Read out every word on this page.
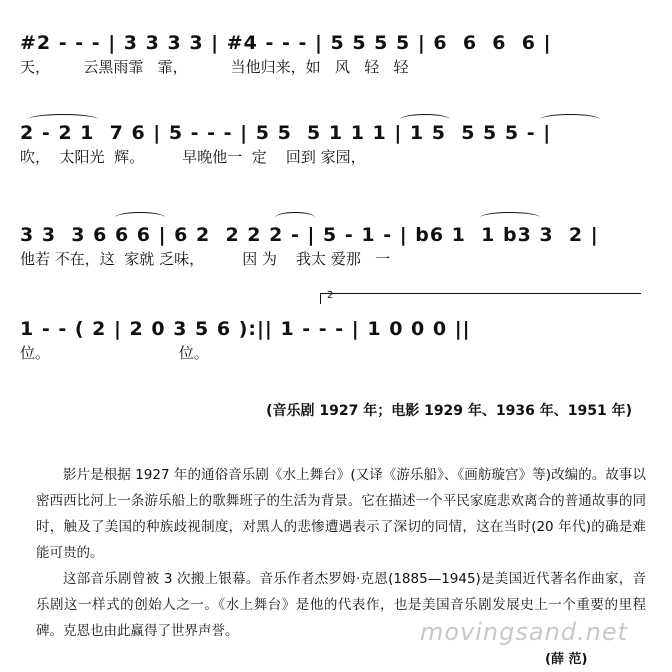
#2 - - - | 3 3 3 3 | #4 - - - | 5 5 5 5 | 6  6  6  6 |
天，       云黑雨霏   霏，         当他归来，如   风   轻   轻
2 - 2 1  7 6 | 5 - - - | 5 5  5 1 1 1 | 1 5  5 5 5 - |
吹，  太阳光  辉。        早晚他一  定    回到 家园，
3 3  3 6 6 6 | 6 2  2 2 2 - | 5 - 1 - | b6 1  1 b3 3  2 |
他若 不在，这  家就 乏味，        因 为    我太 爱那   一
1 - - ( 2 | 2 0 3 5 6 ):|| 1 - - - | 1 0 0 0 ||
位。                           位。
2
(音乐剧 1927 年；电影 1929 年、1936 年、1951 年)
影片是根据 1927 年的通俗音乐剧《水上舞台》(又译《游乐船》、《画舫璇宫》等)改编的。故事以密西西比河上一条游乐船上的歌舞班子的生活为背景。它在描述一个平民家庭悲欢离合的普通故事的同时，触及了美国的种族歧视制度，对黑人的悲惨遭遇表示了深切的同情，这在当时(20 年代)的确是难能可贵的。
这部音乐剧曾被 3 次搬上银幕。音乐作者杰罗姆·克恩(1885—1945)是美国近代著名作曲家，音乐剧这一样式的创始人之一。《水上舞台》是他的代表作，也是美国音乐剧发展史上一个重要的里程碑。克恩也由此赢得了世界声誉。	movingsand.net
(薛 范)
